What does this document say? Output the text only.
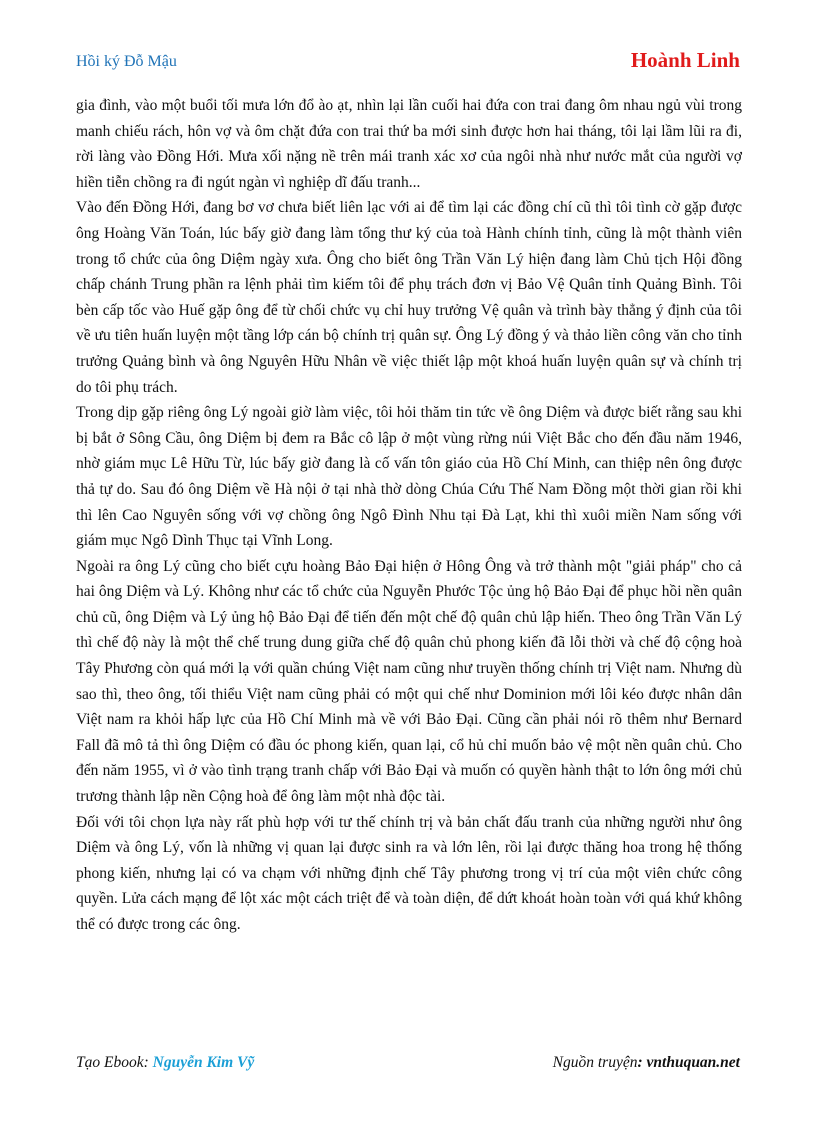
Hồi ký Đỗ Mậu	Hoành Linh

gia đình, vào một buổi tối mưa lớn đổ ào ạt, nhìn lại lần cuối hai đứa con trai đang ôm nhau ngủ vùi trong manh chiếu rách, hôn vợ và ôm chặt đứa con trai thứ ba mới sinh được hơn hai tháng, tôi lại lầm lũi ra đi, rời làng vào Đồng Hới. Mưa xối nặng nề trên mái tranh xác xơ của ngôi nhà như nước mắt của người vợ hiền tiễn chồng ra đi ngút ngàn vì nghiệp dĩ đấu tranh...

Vào đến Đồng Hới, đang bơ vơ chưa biết liên lạc với ai để tìm lại các đồng chí cũ thì tôi tình cờ gặp được ông Hoàng Văn Toán, lúc bấy giờ đang làm tổng thư ký của toà Hành chính tỉnh, cũng là một thành viên trong tổ chức của ông Diệm ngày xưa. Ông cho biết ông Trần Văn Lý hiện đang làm Chủ tịch Hội đồng chấp chánh Trung phần ra lệnh phải tìm kiếm tôi để phụ trách đơn vị Bảo Vệ Quân tỉnh Quảng Bình. Tôi bèn cấp tốc vào Huế gặp ông để từ chối chức vụ chỉ huy trưởng Vệ quân và trình bày thẳng ý định của tôi về ưu tiên huấn luyện một tầng lớp cán bộ chính trị quân sự. Ông Lý đồng ý và thảo liền công văn cho tỉnh trưởng Quảng bình và ông Nguyên Hữu Nhân về việc thiết lập một khoá huấn luyện quân sự và chính trị do tôi phụ trách.

Trong dịp gặp riêng ông Lý ngoài giờ làm việc, tôi hỏi thăm tin tức về ông Diệm và được biết rằng sau khi bị bắt ở Sông Cầu, ông Diệm bị đem ra Bắc cô lập ở một vùng rừng núi Việt Bắc cho đến đầu năm 1946, nhờ giám mục Lê Hữu Từ, lúc bấy giờ đang là cố vấn tôn giáo của Hồ Chí Minh, can thiệp nên ông được thả tự do. Sau đó ông Diệm về Hà nội ở tại nhà thờ dòng Chúa Cứu Thế Nam Đồng một thời gian rồi khi thì lên Cao Nguyên sống với vợ chồng ông Ngô Đình Nhu tại Đà Lạt, khi thì xuôi miền Nam sống với giám mục Ngô Dình Thục tại Vĩnh Long.

Ngoài ra ông Lý cũng cho biết cựu hoàng Bảo Đại hiện ở Hông Ông và trở thành một "giải pháp" cho cả hai ông Diệm và Lý. Không như các tổ chức của Nguyễn Phước Tộc ủng hộ Bảo Đại để phục hồi nền quân chủ cũ, ông Diệm và Lý ủng hộ Bảo Đại để tiến đến một chế độ quân chủ lập hiến. Theo ông Trần Văn Lý thì chế độ này là một thể chế trung dung giữa chế độ quân chủ phong kiến đã lỗi thời và chế độ cộng hoà Tây Phương còn quá mới lạ với quần chúng Việt nam cũng như truyền thống chính trị Việt nam. Nhưng dù sao thì, theo ông, tối thiểu Việt nam cũng phải có một qui chế như Dominion mới lôi kéo được nhân dân Việt nam ra khỏi hấp lực của Hồ Chí Minh mà về với Bảo Đại. Cũng cần phải nói rõ thêm như Bernard Fall đã mô tả thì ông Diệm có đầu óc phong kiến, quan lại, cổ hủ chỉ muốn bảo vệ một nền quân chủ. Cho đến năm 1955, vì ở vào tình trạng tranh chấp với Bảo Đại và muốn có quyền hành thật to lớn ông mới chủ trương thành lập nền Cộng hoà để ông làm một nhà độc tài.

Đối với tôi chọn lựa này rất phù hợp với tư thế chính trị và bản chất đấu tranh của những người như ông Diệm và ông Lý, vốn là những vị quan lại được sinh ra và lớn lên, rồi lại được thăng hoa trong hệ thống phong kiến, nhưng lại có va chạm với những định chế Tây phương trong vị trí của một viên chức công quyền. Lửa cách mạng để lột xác một cách triệt để và toàn diện, để dứt khoát hoàn toàn với quá khứ không thể có được trong các ông.

Tạo Ebook: Nguyễn Kim Vỹ	Nguồn truyện: vnthuquan.net
